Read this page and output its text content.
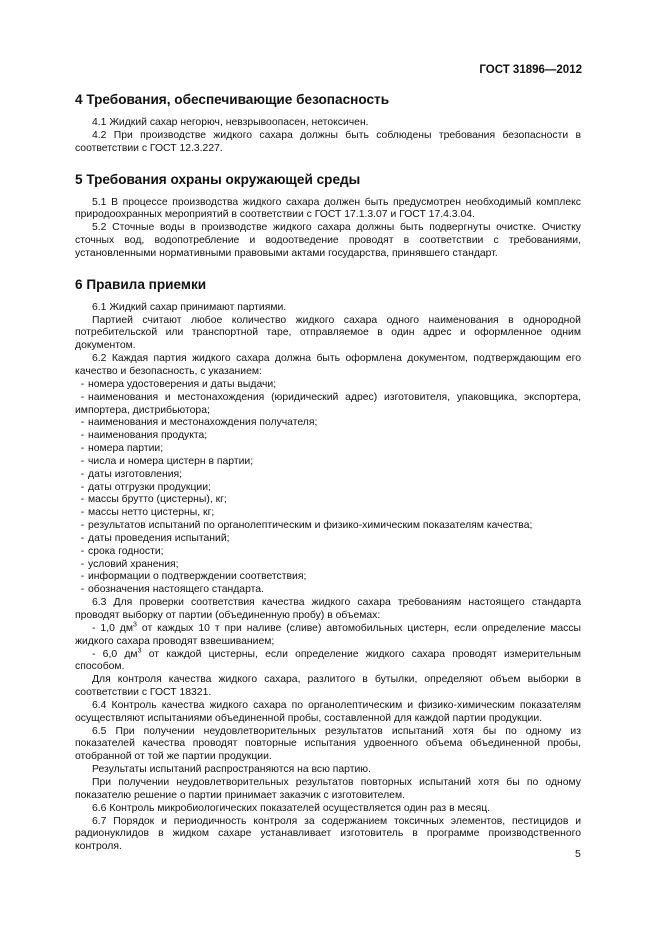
ГОСТ 31896—2012
4 Требования, обеспечивающие безопасность

4.1 Жидкий сахар негорюч, невзрывоопасен, нетоксичен.

4.2 При производстве жидкого сахара должны быть соблюдены требования безопасности в соответствии с ГОСТ 12.3.227.

5 Требования охраны окружающей среды

5.1 В процессе производства жидкого сахара должен быть предусмотрен необходимый комплекс природоохранных мероприятий в соответствии с ГОСТ 17.1.3.07 и ГОСТ 17.4.3.04.

5.2 Сточные воды в производстве жидкого сахара должны быть подвергнуты очистке. Очистку сточных вод, водопотребление и водоотведение проводят в соответствии с требованиями, установленными нормативными правовыми актами государства, принявшего стандарт.

6 Правила приемки

6.1 Жидкий сахар принимают партиями.

Партией считают любое количество жидкого сахара одного наименования в однородной потребительской или транспортной таре, отправляемое в один адрес и оформленное одним документом.

6.2 Каждая партия жидкого сахара должна быть оформлена документом, подтверждающим его качество и безопасность, с указанием:

- номера удостоверения и даты выдачи;

- наименования и местонахождения (юридический адрес) изготовителя, упаковщика, экспортера, импортера, дистрибьютора;

- наименования и местонахождения получателя;

- наименования продукта;

- номера партии;

- числа и номера цистерн в партии;

- даты изготовления;

- даты отгрузки продукции;

- массы брутто (цистерны), кг;

- массы нетто цистерны, кг;

- результатов испытаний по органолептическим и физико-химическим показателям качества;

- даты проведения испытаний;

- срока годности;

- условий хранения;

- информации о подтверждении соответствия;

- обозначения настоящего стандарта.

6.3 Для проверки соответствия качества жидкого сахара требованиям настоящего стандарта проводят выборку от партии (объединенную пробу) в объемах:

- 1,0 $дм^3$ от каждых 10 т при наливе (сливе) автомобильных цистерн, если определение массы жидкого сахара проводят взвешиванием;

- 6,0 $дм^3$ от каждой цистерны, если определение жидкого сахара проводят измерительным способом.

Для контроля качества жидкого сахара, разлитого в бутылки, определяют объем выборки в соответствии с ГОСТ 18321.

6.4 Контроль качества жидкого сахара по органолептическим и физико-химическим показателям осуществляют испытаниями объединенной пробы, составленной для каждой партии продукции.

6.5 При получении неудовлетворительных результатов испытаний хотя бы по одному из показателей качества проводят повторные испытания удвоенного объема объединенной пробы, отобранной от той же партии продукции.

Результаты испытаний распространяются на всю партию.

При получении неудовлетворительных результатов повторных испытаний хотя бы по одному показателю решение о партии принимает заказчик с изготовителем.

6.6 Контроль микробиологических показателей осуществляется один раз в месяц.

6.7 Порядок и периодичность контроля за содержанием токсичных элементов, пестицидов и радионуклидов в жидком сахаре устанавливает изготовитель в программе производственного контроля.

5
